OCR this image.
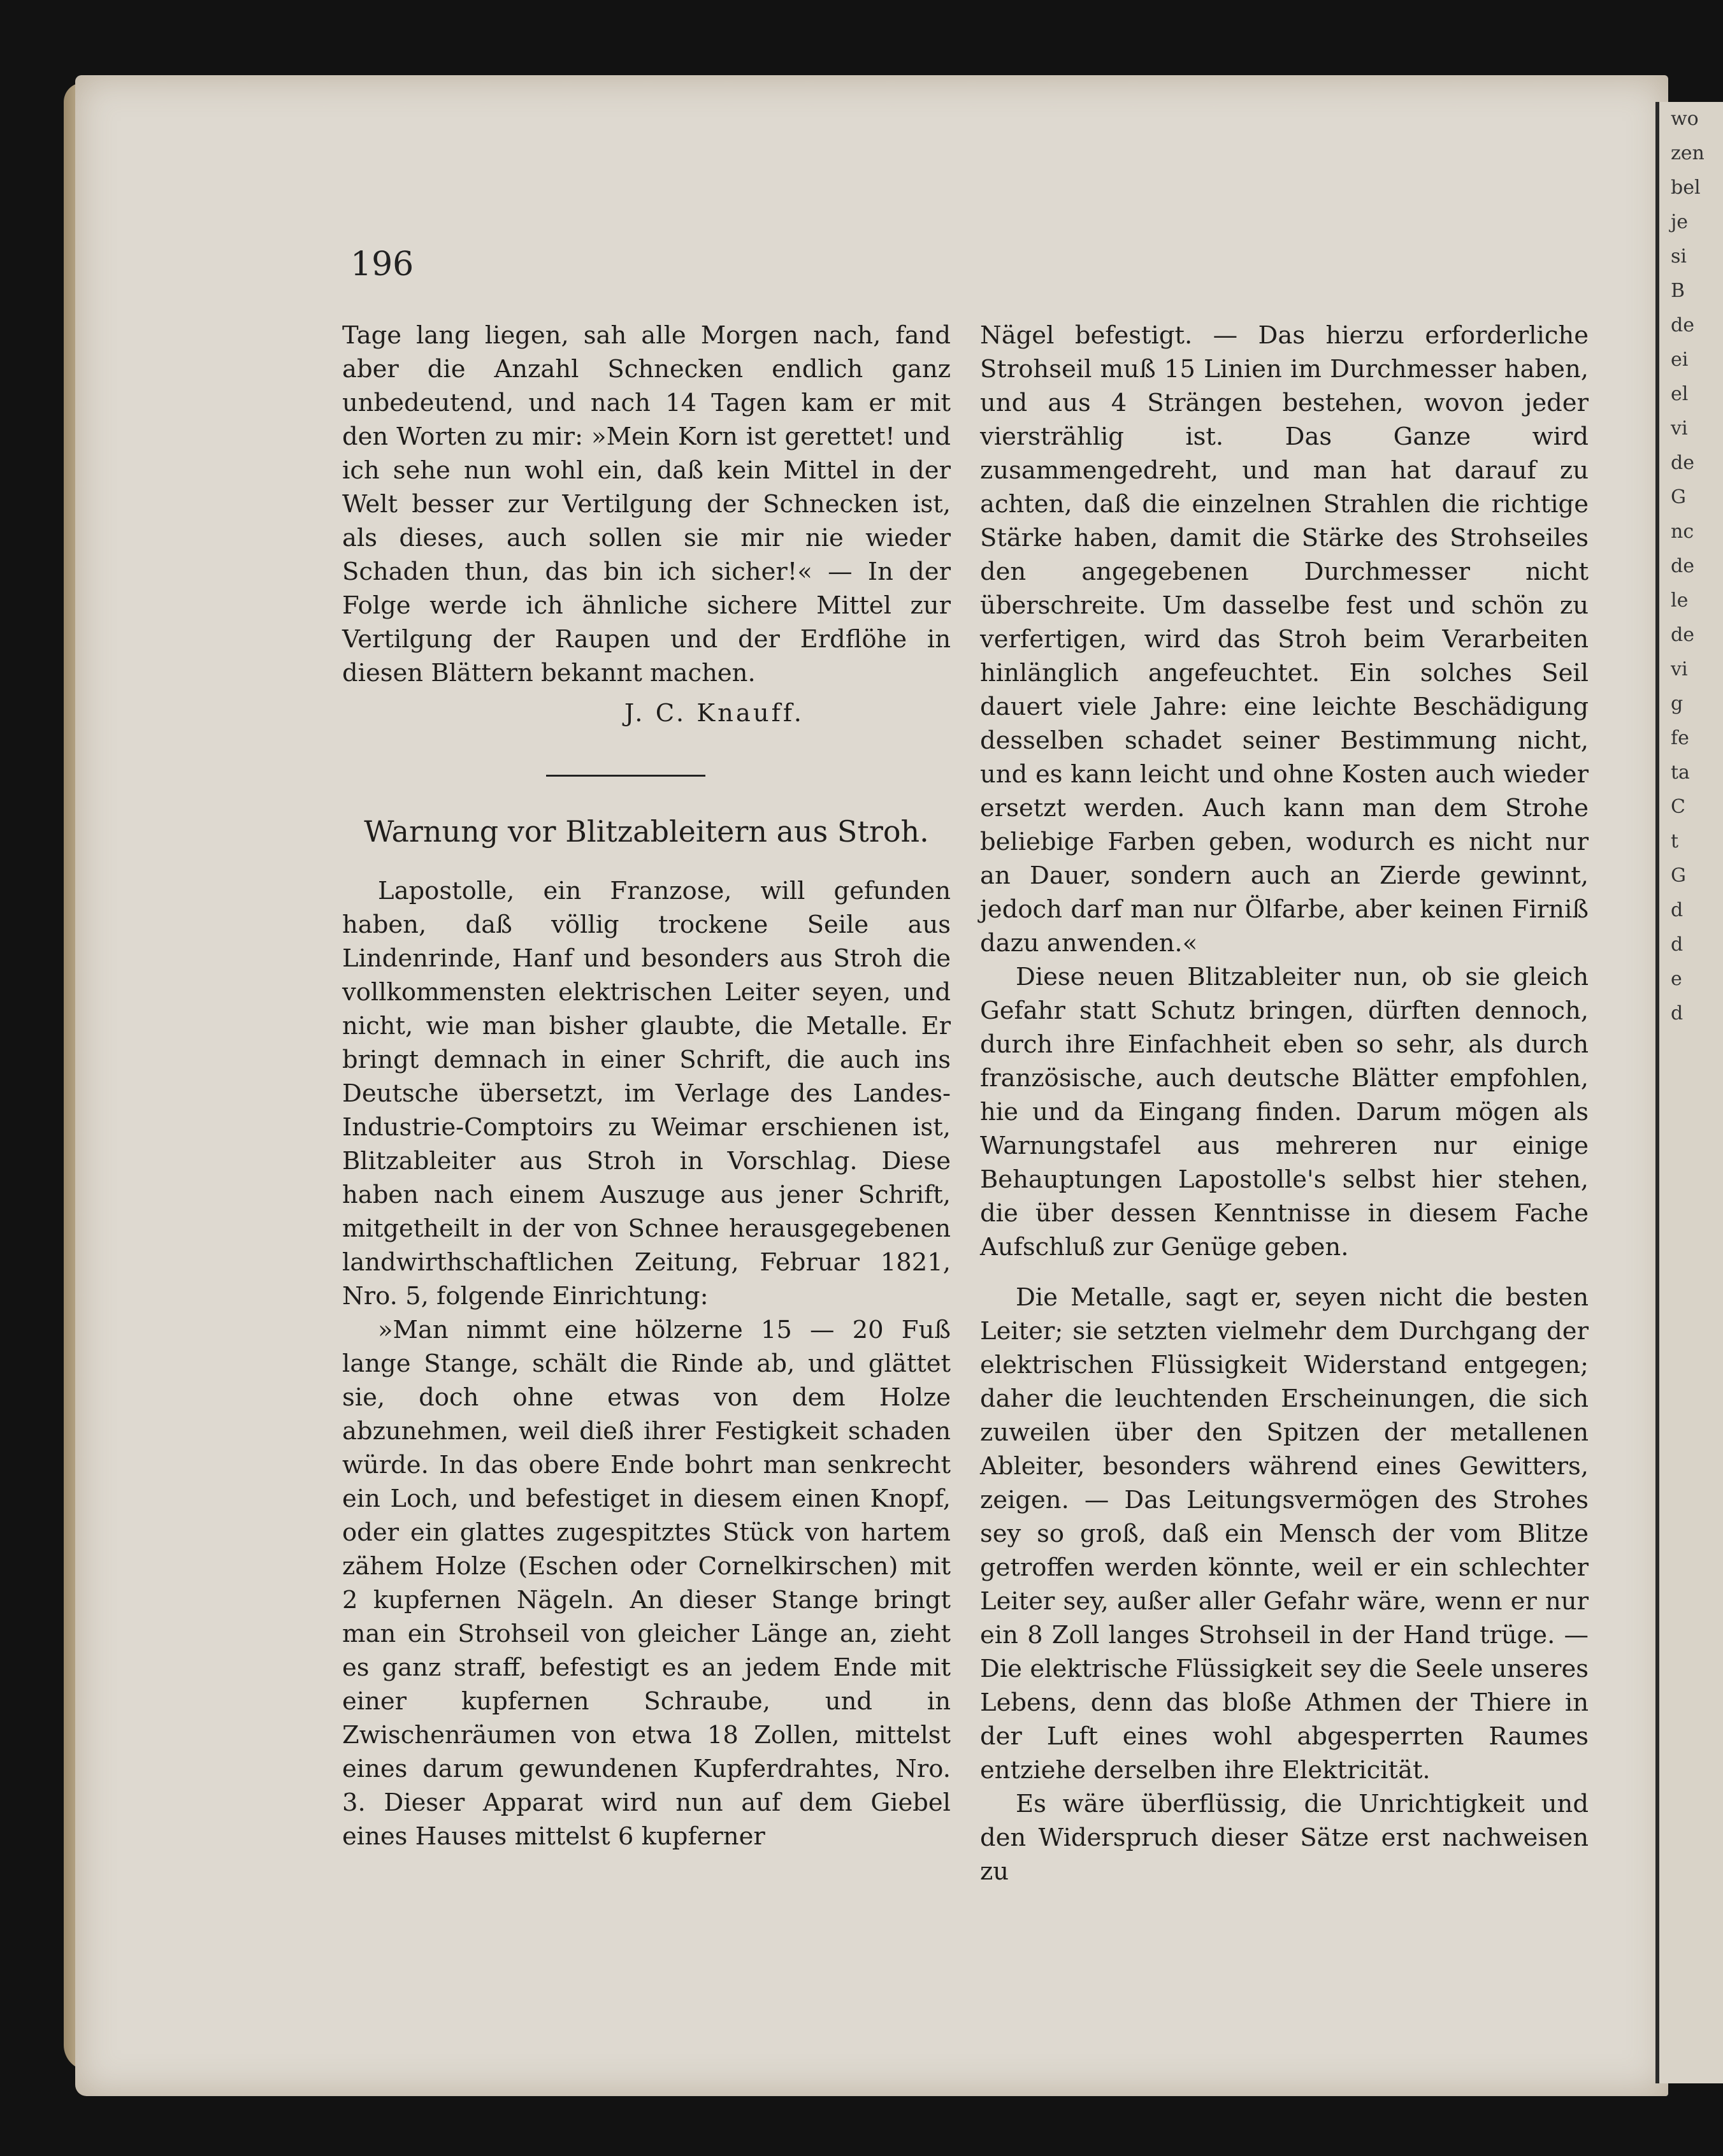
wo
zen
bel
je
si
B
de
ei
el
vi
de
G
nc
de
le
de
vi
g
fe
ta
C
t
G
d
d
e
d
196

Tage lang liegen, sah alle Morgen nach, fand aber die Anzahl Schnecken endlich ganz unbedeutend, und nach 14 Tagen kam er mit den Worten zu mir: »Mein Korn ist gerettet! und ich sehe nun wohl ein, daß kein Mittel in der Welt besser zur Vertilgung der Schnecken ist, als dieses, auch sollen sie mir nie wieder Schaden thun, das bin ich sicher!« — In der Folge werde ich ähnliche sichere Mittel zur Vertilgung der Raupen und der Erdflöhe in diesen Blättern bekannt machen.

J. C. Knauff.

Warnung vor Blitzableitern aus Stroh.

Lapostolle, ein Franzose, will gefunden haben, daß völlig trockene Seile aus Lindenrinde, Hanf und besonders aus Stroh die vollkommensten elektrischen Leiter seyen, und nicht, wie man bisher glaubte, die Metalle. Er bringt demnach in einer Schrift, die auch ins Deutsche übersetzt, im Verlage des Landes-Industrie-Comptoirs zu Weimar erschienen ist, Blitzableiter aus Stroh in Vorschlag. Diese haben nach einem Auszuge aus jener Schrift, mitgetheilt in der von Schnee herausgegebenen landwirthschaftlichen Zeitung, Februar 1821, Nro. 5, folgende Einrichtung:

»Man nimmt eine hölzerne 15 — 20 Fuß lange Stange, schält die Rinde ab, und glättet sie, doch ohne etwas von dem Holze abzunehmen, weil dieß ihrer Festigkeit schaden würde. In das obere Ende bohrt man senkrecht ein Loch, und befestiget in diesem einen Knopf, oder ein glattes zugespitztes Stück von hartem zähem Holze (Eschen oder Cornelkirschen) mit 2 kupfernen Nägeln. An dieser Stange bringt man ein Strohseil von gleicher Länge an, zieht es ganz straff, befestigt es an jedem Ende mit einer kupfernen Schraube, und in Zwischenräumen von etwa 18 Zollen, mittelst eines darum gewundenen Kupferdrahtes, Nro. 3. Dieser Apparat wird nun auf dem Giebel eines Hauses mittelst 6 kupferner

Nägel befestigt. — Das hierzu erforderliche Strohseil muß 15 Linien im Durchmesser haben, und aus 4 Strängen bestehen, wovon jeder vierstrählig ist. Das Ganze wird zusammengedreht, und man hat darauf zu achten, daß die einzelnen Strahlen die richtige Stärke haben, damit die Stärke des Strohseiles den angegebenen Durchmesser nicht überschreite. Um dasselbe fest und schön zu verfertigen, wird das Stroh beim Verarbeiten hinlänglich angefeuchtet. Ein solches Seil dauert viele Jahre: eine leichte Beschädigung desselben schadet seiner Bestimmung nicht, und es kann leicht und ohne Kosten auch wieder ersetzt werden. Auch kann man dem Strohe beliebige Farben geben, wodurch es nicht nur an Dauer, sondern auch an Zierde gewinnt, jedoch darf man nur Ölfarbe, aber keinen Firniß dazu anwenden.«

Diese neuen Blitzableiter nun, ob sie gleich Gefahr statt Schutz bringen, dürften dennoch, durch ihre Einfachheit eben so sehr, als durch französische, auch deutsche Blätter empfohlen, hie und da Eingang finden. Darum mögen als Warnungstafel aus mehreren nur einige Behauptungen Lapostolle's selbst hier stehen, die über dessen Kenntnisse in diesem Fache Aufschluß zur Genüge geben.

Die Metalle, sagt er, seyen nicht die besten Leiter; sie setzten vielmehr dem Durchgang der elektrischen Flüssigkeit Widerstand entgegen; daher die leuchtenden Erscheinungen, die sich zuweilen über den Spitzen der metallenen Ableiter, besonders während eines Gewitters, zeigen. — Das Leitungsvermögen des Strohes sey so groß, daß ein Mensch der vom Blitze getroffen werden könnte, weil er ein schlechter Leiter sey, außer aller Gefahr wäre, wenn er nur ein 8 Zoll langes Strohseil in der Hand trüge. — Die elektrische Flüssigkeit sey die Seele unseres Lebens, denn das bloße Athmen der Thiere in der Luft eines wohl abgesperrten Raumes entziehe derselben ihre Elektricität.

Es wäre überflüssig, die Unrichtigkeit und den Widerspruch dieser Sätze erst nachweisen zu
